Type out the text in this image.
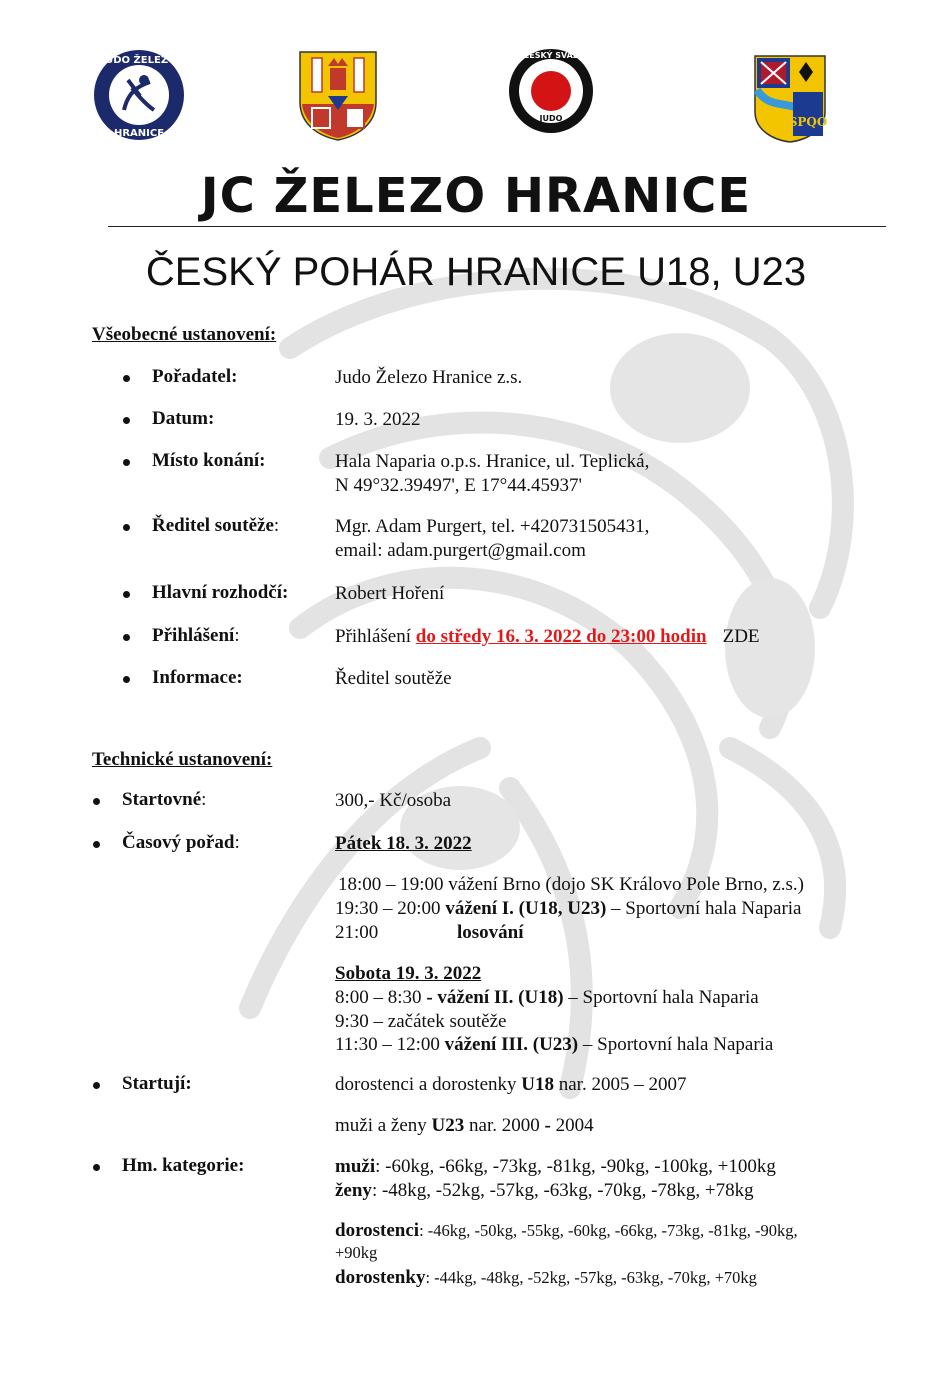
JUDO ŽELEZO
HRANICE
ČESKÝ SVAZ
JUDO	SPQO
JC ŽELEZO HRANICE
ČESKÝ POHÁR HRANICE U18, U23
Všeobecné ustanovení:
Pořadatel:	Judo Železo Hranice z.s.
Datum:	19. 3. 2022
Místo konání:	Hala Naparia o.p.s. Hranice, ul. Teplická,
N 49°32.39497', E 17°44.45937'
Ředitel soutěže:	Mgr. Adam Purgert, tel. +420731505431,
email: adam.purgert@gmail.com
Hlavní rozhodčí: Robert Hoření
Přihlášení:	Přihlášení do středy 16. 3. 2022 do 23:00 hodin ZDE
Informace:	Ředitel soutěže
Technické ustanovení:
Startovné:	300,- Kč/osoba
Časový pořad:	Pátek 18. 3. 2022
18:00 – 19:00 vážení Brno (dojo SK Královo Pole Brno, z.s.)
19:30 – 20:00 vážení I. (U18, U23) – Sportovní hala Naparia
21:00	losování
Sobota 19. 3. 2022
8:00 – 8:30 - vážení II. (U18) – Sportovní hala Naparia
9:30 – začátek soutěže
11:30 – 12:00 vážení III. (U23) – Sportovní hala Naparia
Startují:	dorostenci a dorostenky U18 nar. 2005 – 2007
muži a ženy U23 nar. 2000 - 2004
Hm. kategorie:	muži: -60kg, -66kg, -73kg, -81kg, -90kg, -100kg, +100kg
ženy: -48kg, -52kg, -57kg, -63kg, -70kg, -78kg, +78kg
dorostenci: -46kg, -50kg, -55kg, -60kg, -66kg, -73kg, -81kg, -90kg,
+90kg
dorostenky: -44kg, -48kg, -52kg, -57kg, -63kg, -70kg, +70kg
